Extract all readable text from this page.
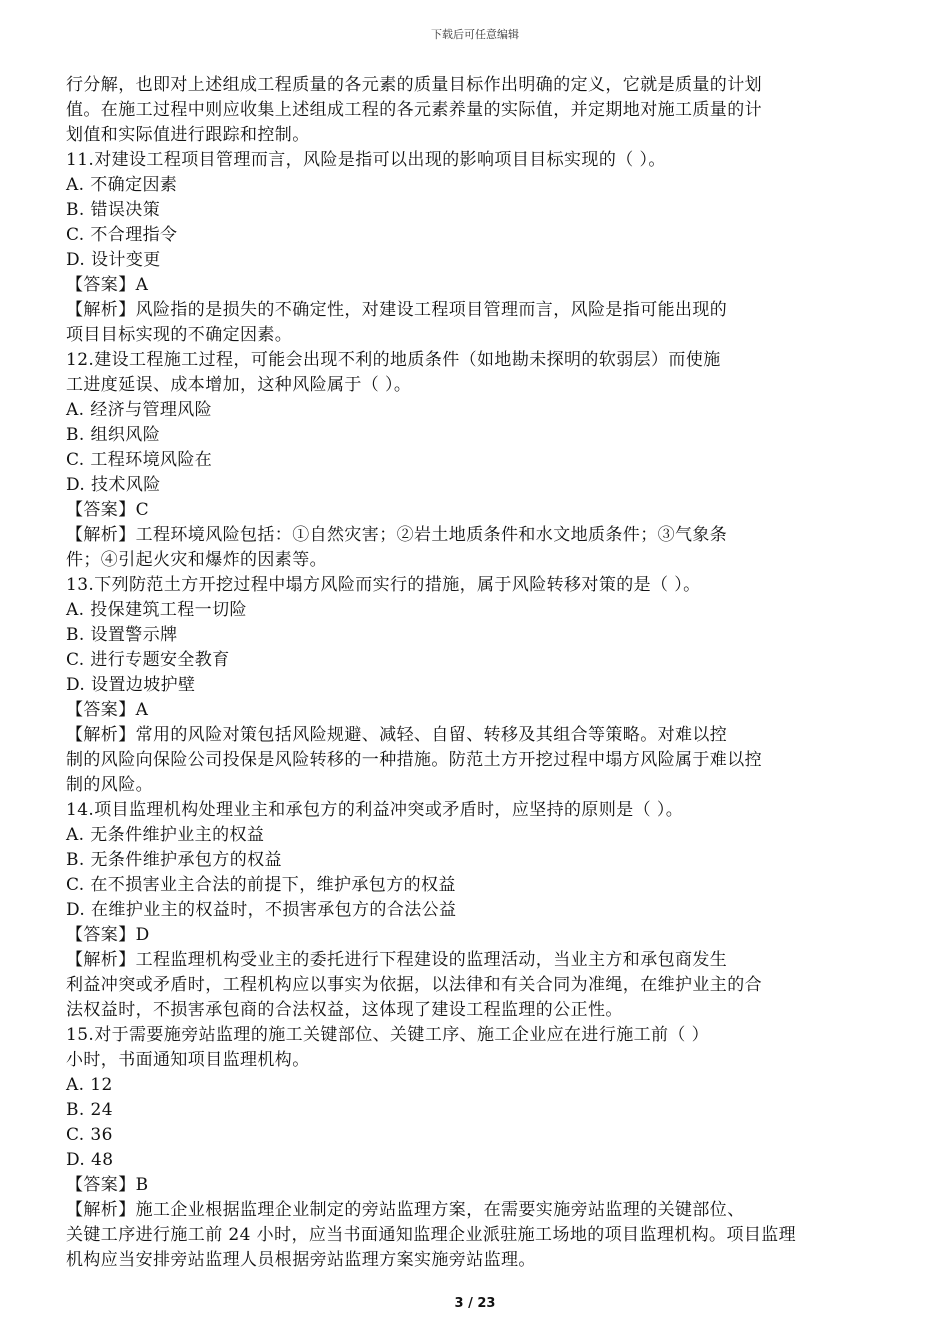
下载后可任意编辑
行分解，也即对上述组成工程质量的各元素的质量目标作出明确的定义，它就是质量的计划
值。在施工过程中则应收集上述组成工程的各元素养量的实际值，并定期地对施工质量的计
划值和实际值进行跟踪和控制。
11.对建设工程项目管理而言，风险是指可以出现的影响项目目标实现的（ ）。
A. 不确定因素
B. 错误决策
C. 不合理指令
D. 设计变更
【答案】A
【解析】风险指的是损失的不确定性，对建设工程项目管理而言，风险是指可能出现的
项目目标实现的不确定因素。
12.建设工程施工过程，可能会出现不利的地质条件（如地勘未探明的软弱层）而使施
工进度延误、成本增加，这种风险属于（ ）。
A. 经济与管理风险
B. 组织风险
C. 工程环境风险在
D. 技术风险
【答案】C
【解析】工程环境风险包括：①自然灾害；②岩土地质条件和水文地质条件；③气象条
件；④引起火灾和爆炸的因素等。
13.下列防范土方开挖过程中塌方风险而实行的措施，属于风险转移对策的是（ ）。
A. 投保建筑工程一切险
B. 设置警示牌
C. 进行专题安全教育
D. 设置边坡护壁
【答案】A
【解析】常用的风险对策包括风险规避、减轻、自留、转移及其组合等策略。对难以控
制的风险向保险公司投保是风险转移的一种措施。防范土方开挖过程中塌方风险属于难以控
制的风险。
14.项目监理机构处理业主和承包方的利益冲突或矛盾时，应坚持的原则是（ ）。
A. 无条件维护业主的权益
B. 无条件维护承包方的权益
C. 在不损害业主合法的前提下，维护承包方的权益
D. 在维护业主的权益时，不损害承包方的合法公益
【答案】D
【解析】工程监理机构受业主的委托进行下程建设的监理活动，当业主方和承包商发生
利益冲突或矛盾时，工程机构应以事实为依据，以法律和有关合同为准绳，在维护业主的合
法权益时，不损害承包商的合法权益，这体现了建设工程监理的公正性。
15.对于需要施旁站监理的施工关键部位、关键工序、施工企业应在进行施工前（ ）
小时，书面通知项目监理机构。
A. 12
B. 24
C. 36
D. 48
【答案】B
【解析】施工企业根据监理企业制定的旁站监理方案，在需要实施旁站监理的关键部位、
关键工序进行施工前 24 小时，应当书面通知监理企业派驻施工场地的项目监理机构。项目监理
机构应当安排旁站监理人员根据旁站监理方案实施旁站监理。
3 / 23
